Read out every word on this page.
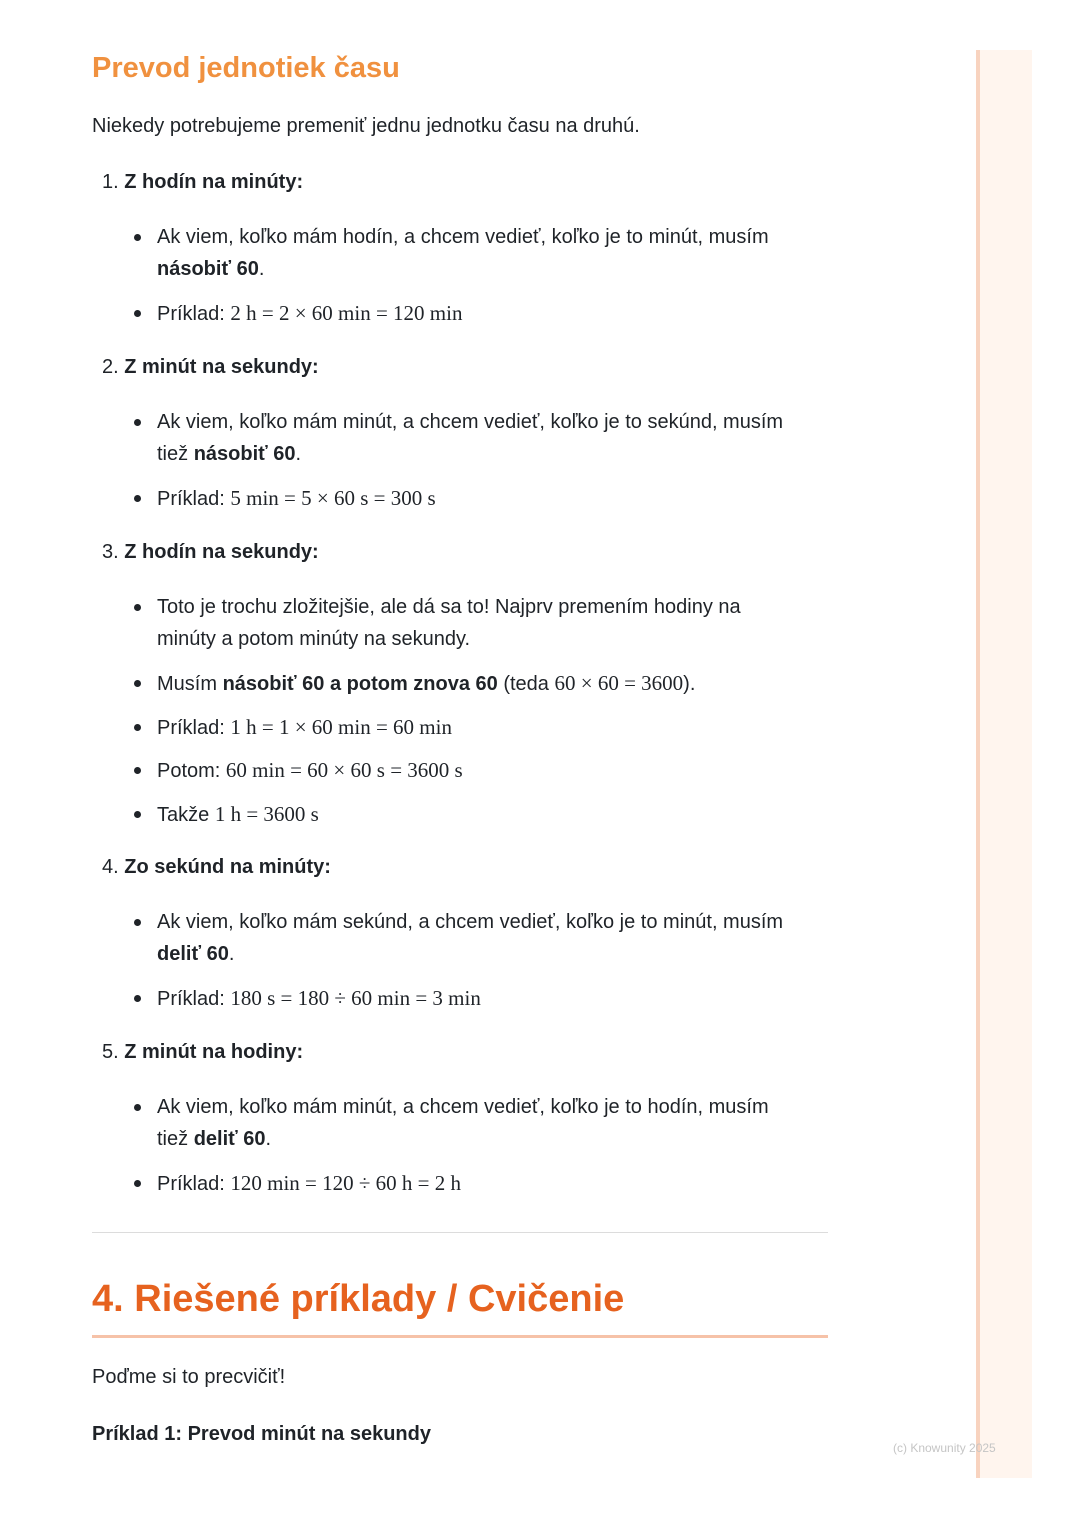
Prevod jednotiek času

Niekedy potrebujeme premeniť jednu jednotku času na druhú.

1. Z hodín na minúty:
Ak viem, koľko mám hodín, a chcem vedieť, koľko je to minút, musím
násobiť 60.
Príklad: 2 h = 2 × 60 min = 120 min
2. Z minút na sekundy:
Ak viem, koľko mám minút, a chcem vedieť, koľko je to sekúnd, musím
tiež násobiť 60.
Príklad: 5 min = 5 × 60 s = 300 s
3. Z hodín na sekundy:
Toto je trochu zložitejšie, ale dá sa to! Najprv premením hodiny na minúty a potom minúty na sekundy.
Musím násobiť 60 a potom znova 60 (teda 60 × 60 = 3600).
Príklad: 1 h = 1 × 60 min = 60 min
Potom: 60 min = 60 × 60 s = 3600 s
Takže 1 h = 3600 s
4. Zo sekúnd na minúty:
Ak viem, koľko mám sekúnd, a chcem vedieť, koľko je to minút, musím
deliť 60.
Príklad: 180 s = 180 ÷ 60 min = 3 min
5. Z minút na hodiny:
Ak viem, koľko mám minút, a chcem vedieť, koľko je to hodín, musím
tiež deliť 60.
Príklad: 120 min = 120 ÷ 60 h = 2 h
4. Riešené príklady / Cvičenie

Poďme si to precvičiť!

Príklad 1: Prevod minút na sekundy

(c) Knowunity 2025
